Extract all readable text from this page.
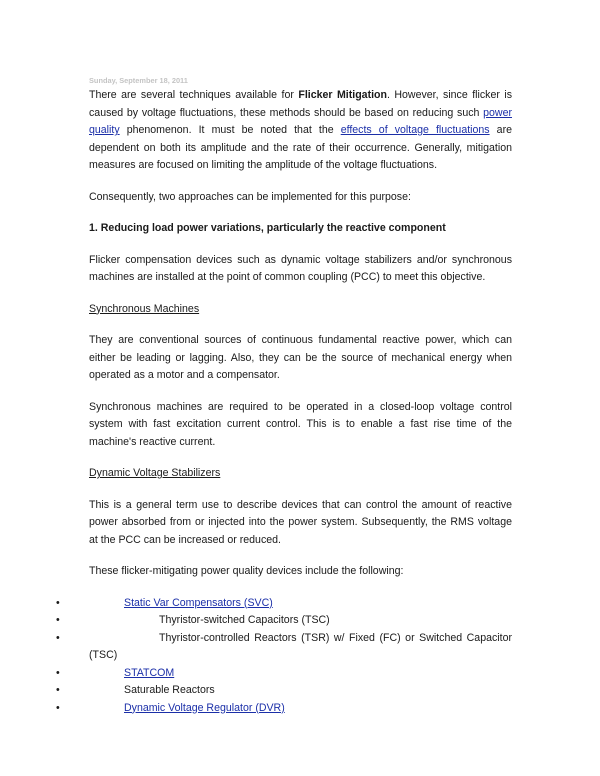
Sunday, September 18, 2011

There are several techniques available for Flicker Mitigation. However, since flicker is caused by voltage fluctuations, these methods should be based on reducing such power quality phenomenon. It must be noted that the effects of voltage fluctuations are dependent on both its amplitude and the rate of their occurrence. Generally, mitigation measures are focused on limiting the amplitude of the voltage fluctuations.

Consequently, two approaches can be implemented for this purpose:

1. Reducing load power variations, particularly the reactive component

Flicker compensation devices such as dynamic voltage stabilizers and/or synchronous machines are installed at the point of common coupling (PCC) to meet this objective.

Synchronous Machines

They are conventional sources of continuous fundamental reactive power, which can either be leading or lagging. Also, they can be the source of mechanical energy when operated as a motor and a compensator.

Synchronous machines are required to be operated in a closed-loop voltage control system with fast excitation current control. This is to enable a fast rise time of the machine's reactive current.

Dynamic Voltage Stabilizers

This is a general term use to describe devices that can control the amount of reactive power absorbed from or injected into the power system. Subsequently, the RMS voltage at the PCC can be increased or reduced.

These flicker-mitigating power quality devices include the following:

•	Static Var Compensators (SVC)
•	Thyristor-switched Capacitors (TSC)
•	Thyristor-controlled Reactors (TSR) w/ Fixed (FC) or Switched Capacitor (TSC)
•	STATCOM
•	Saturable Reactors
•	Dynamic Voltage Regulator (DVR)
